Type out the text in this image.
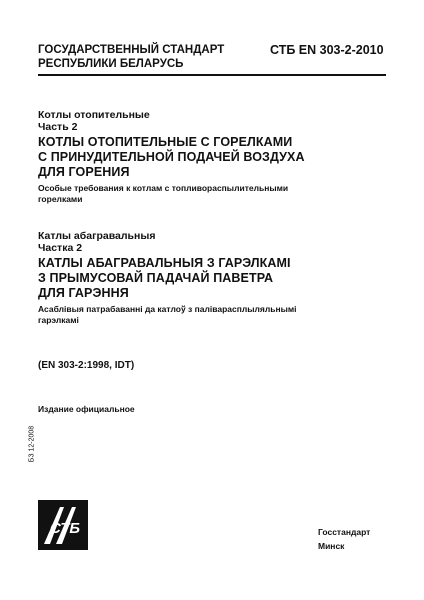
ГОСУДАРСТВЕННЫЙ СТАНДАРТ
РЕСПУБЛИКИ БЕЛАРУСЬ
СТБ EN 303-2-2010
Котлы отопительные
Часть 2
КОТЛЫ ОТОПИТЕЛЬНЫЕ С ГОРЕЛКАМИ
С ПРИНУДИТЕЛЬНОЙ ПОДАЧЕЙ ВОЗДУХА
ДЛЯ ГОРЕНИЯ
Особые требования к котлам с топливораспылительными
горелками
Катлы абагравальныя
Частка 2
КАТЛЫ АБАГРАВАЛЬНЫЯ З ГАРЭЛКАМІ
З ПРЫМУСОВАЙ ПАДАЧАЙ ПАВЕТРА
ДЛЯ ГАРЭННЯ
Асаблівыя патрабаванні да катлоў з паліварасплыляльнымі
гарэлкамі
(EN 303-2:1998, IDT)
Издание официальное
БЗ 12-2008
СТБ	Госстандарт
Минск
